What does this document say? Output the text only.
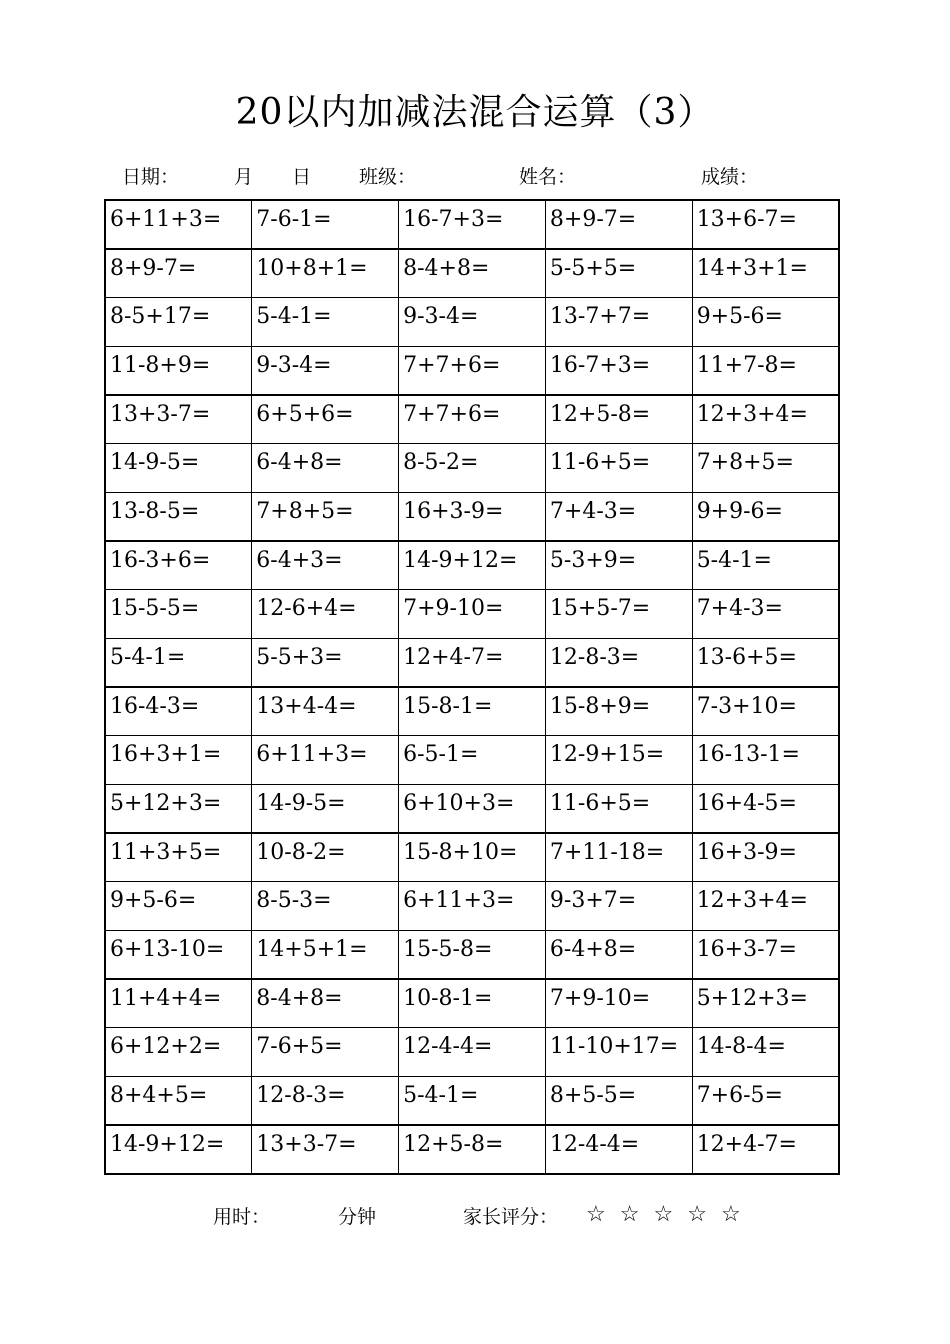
20以内加减法混合运算（3）
日期：	月 日	班级：	姓名：	成绩：
6+11+3=	7-6-1=	16-7+3=	8+9-7=	13+6-7=
8+9-7=	10+8+1=	8-4+8=	5-5+5=	14+3+1=
8-5+17=	5-4-1=	9-3-4=	13-7+7=	9+5-6=
11-8+9=	9-3-4=	7+7+6=	16-7+3=	11+7-8=
13+3-7=	6+5+6=	7+7+6=	12+5-8=	12+3+4=
14-9-5=	6-4+8=	8-5-2=	11-6+5=	7+8+5=
13-8-5=	7+8+5=	16+3-9=	7+4-3=	9+9-6=
16-3+6=	6-4+3=	14-9+12=	5-3+9=	5-4-1=
15-5-5=	12-6+4=	7+9-10=	15+5-7=	7+4-3=
5-4-1=	5-5+3=	12+4-7=	12-8-3=	13-6+5=
16-4-3=	13+4-4=	15-8-1=	15-8+9=	7-3+10=
16+3+1=	6+11+3=	6-5-1=	12-9+15=	16-13-1=
5+12+3=	14-9-5=	6+10+3=	11-6+5=	16+4-5=
11+3+5=	10-8-2=	15-8+10=	7+11-18=	16+3-9=
9+5-6=	8-5-3=	6+11+3=	9-3+7=	12+3+4=
6+13-10=	14+5+1=	15-5-8=	6-4+8=	16+3-7=
11+4+4=	8-4+8=	10-8-1=	7+9-10=	5+12+3=
6+12+2=	7-6+5=	12-4-4=	11-10+17=	14-8-4=
8+4+5=	12-8-3=	5-4-1=	8+5-5=	7+6-5=
14-9+12=	13+3-7=	12+5-8=	12-4-4=	12+4-7=
用时：	分钟	家长评分： ☆ ☆ ☆ ☆ ☆
